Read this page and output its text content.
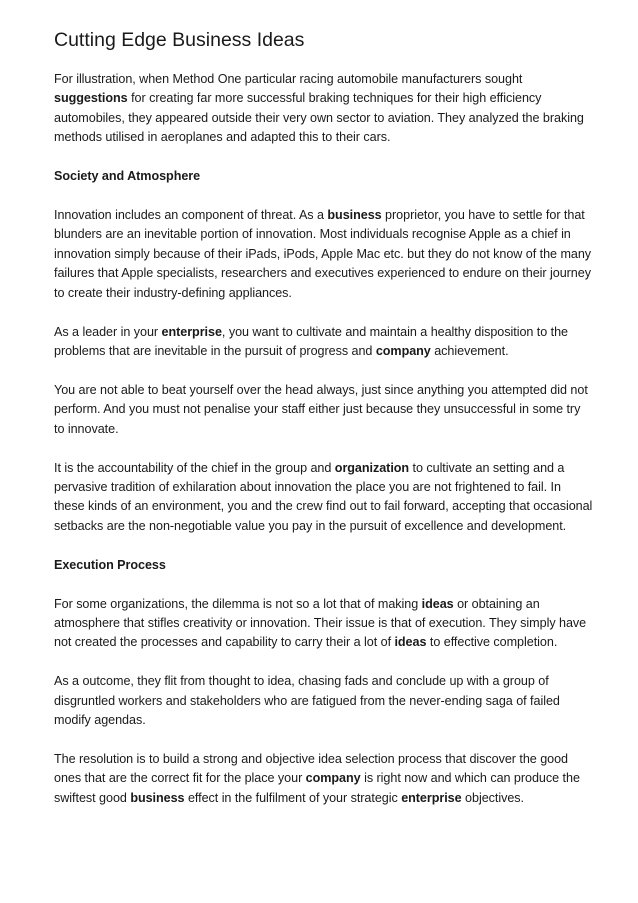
Cutting Edge Business Ideas

For illustration, when Method One particular racing automobile manufacturers sought suggestions for creating far more successful braking techniques for their high efficiency automobiles, they appeared outside their very own sector to aviation. They analyzed the braking methods utilised in aeroplanes and adapted this to their cars.

Society and Atmosphere

Innovation includes an component of threat. As a business proprietor, you have to settle for that blunders are an inevitable portion of innovation. Most individuals recognise Apple as a chief in innovation simply because of their iPads, iPods, Apple Mac etc. but they do not know of the many failures that Apple specialists, researchers and executives experienced to endure on their journey to create their industry-defining appliances.

As a leader in your enterprise, you want to cultivate and maintain a healthy disposition to the problems that are inevitable in the pursuit of progress and company achievement.

You are not able to beat yourself over the head always, just since anything you attempted did not perform. And you must not penalise your staff either just because they unsuccessful in some try to innovate.

It is the accountability of the chief in the group and organization to cultivate an setting and a pervasive tradition of exhilaration about innovation the place you are not frightened to fail. In these kinds of an environment, you and the crew find out to fail forward, accepting that occasional setbacks are the non-negotiable value you pay in the pursuit of excellence and development.

Execution Process

For some organizations, the dilemma is not so a lot that of making ideas or obtaining an atmosphere that stifles creativity or innovation. Their issue is that of execution. They simply have not created the processes and capability to carry their a lot of ideas to effective completion.

As a outcome, they flit from thought to idea, chasing fads and conclude up with a group of disgruntled workers and stakeholders who are fatigued from the never-ending saga of failed modify agendas.

The resolution is to build a strong and objective idea selection process that discover the good ones that are the correct fit for the place your company is right now and which can produce the swiftest good business effect in the fulfilment of your strategic enterprise objectives.
